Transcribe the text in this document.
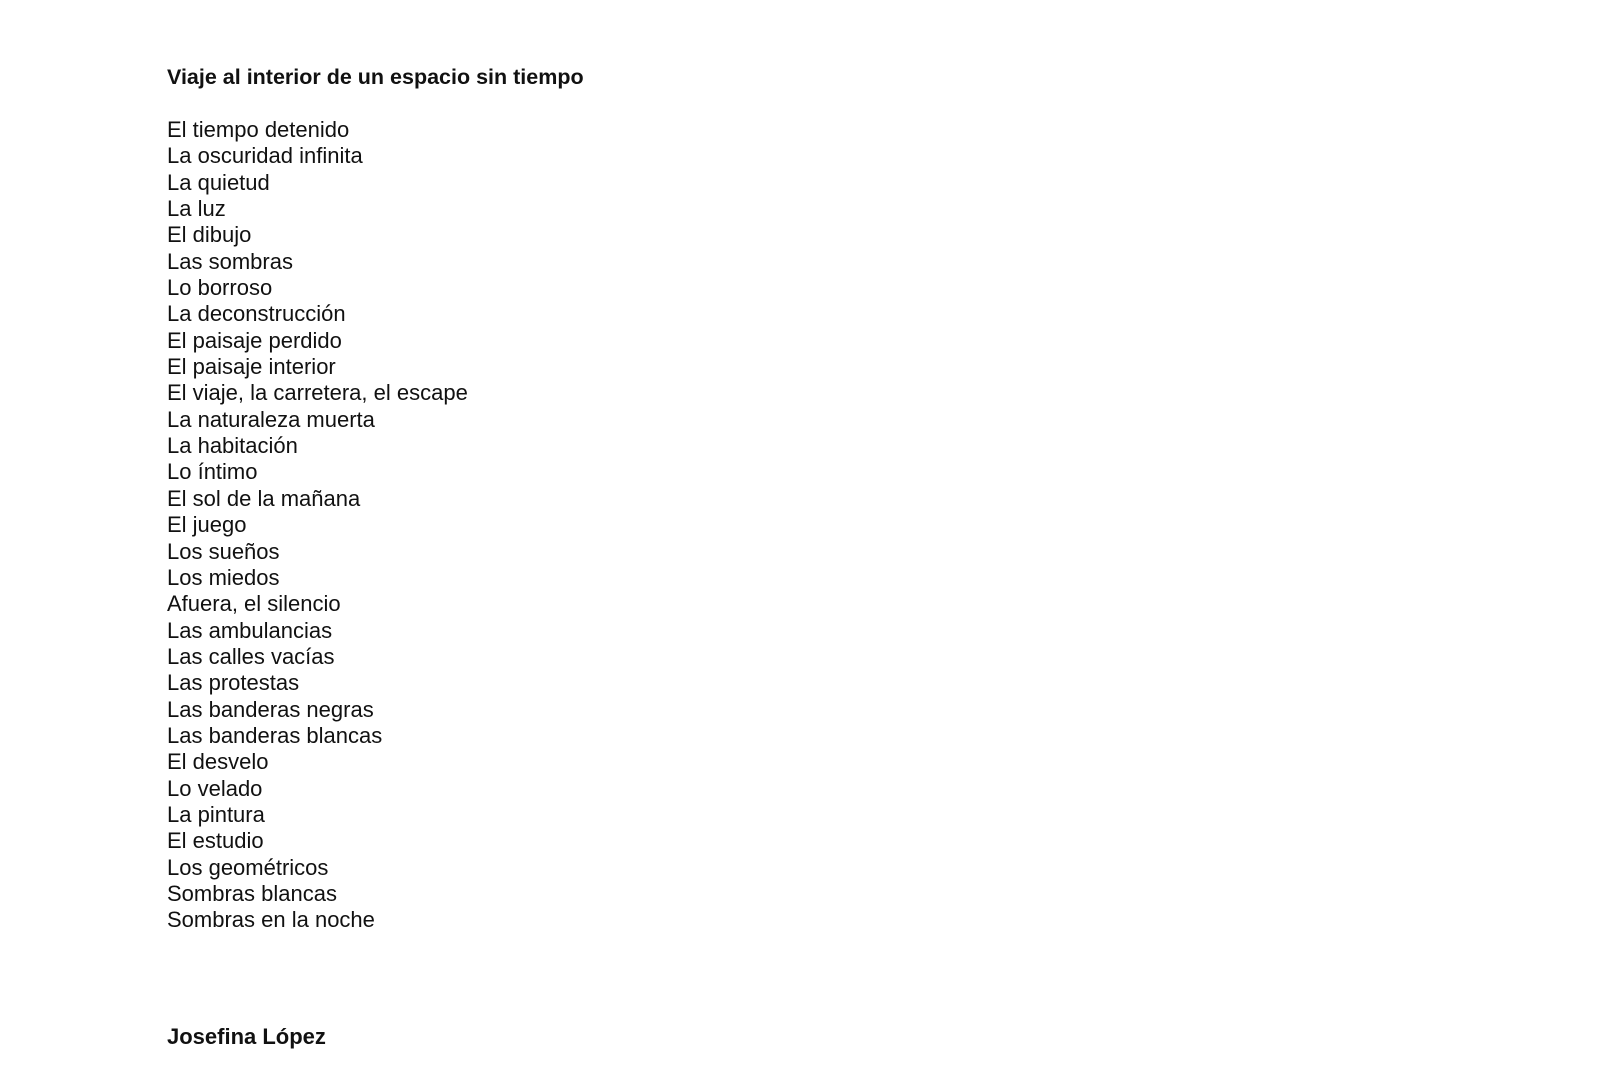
Viaje al interior de un espacio sin tiempo
El tiempo detenido
La oscuridad infinita
La quietud
La luz
El dibujo
Las sombras
Lo borroso
La deconstrucción
El paisaje perdido
El paisaje interior
El viaje, la carretera, el escape
La naturaleza muerta
La habitación
Lo íntimo
El sol de la mañana
El juego
Los sueños
Los miedos
Afuera, el silencio
Las ambulancias
Las calles vacías
Las protestas
Las banderas negras
Las banderas blancas
El desvelo
Lo velado
La pintura
El estudio
Los geométricos
Sombras blancas
Sombras en la noche
Josefina López
